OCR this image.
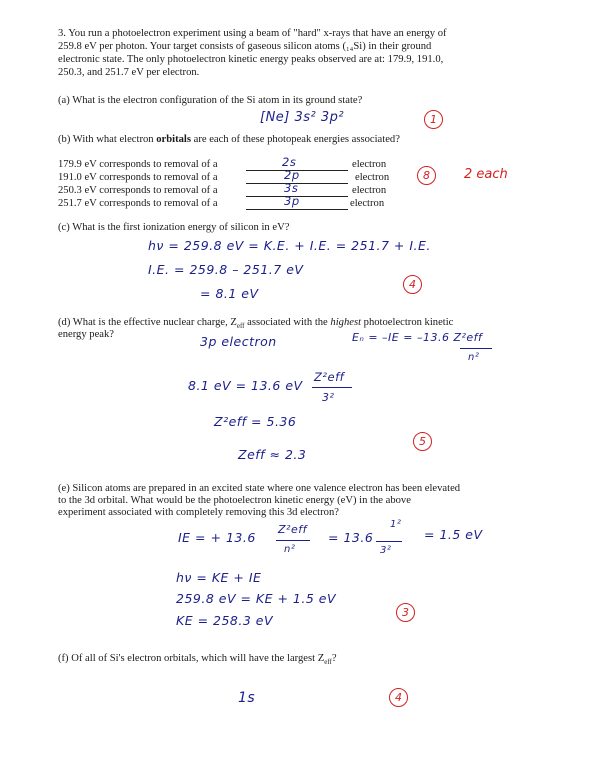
3. You run a photoelectron experiment using a beam of "hard" x-rays that have an energy of
259.8 eV per photon. Your target consists of gaseous silicon atoms (₁₄Si) in their ground
electronic state. The only photoelectron kinetic energy peaks observed are at: 179.9, 191.0,
250.3, and 251.7 eV per electron.
(a) What is the electron configuration of the Si atom in its ground state?
[Ne] 3s² 3p²	1
(b) With what electron orbitals are each of these photopeak energies associated?
179.9 eV corresponds to removal of a	2s	electron
191.0 eV corresponds to removal of a	2p	electron
250.3 eV corresponds to removal of a	3s	electron
251.7 eV corresponds to removal of a	3p	electron
8	2 each
(c) What is the first ionization energy of silicon in eV?
hν = 259.8 eV = K.E. + I.E. = 251.7 + I.E.
I.E. = 259.8 – 251.7 eV
= 8.1 eV
4
(d) What is the effective nuclear charge, $Z_{eff}$ associated with the highest photoelectron kinetic
energy peak?	3p electron	Eₙ = –IE = –13.6 Z²eff
n²
8.1 eV = 13.6 eV
Z²eff
3²
Z²eff = 5.36
Zeff ≈ 2.3
5
(e) Silicon atoms are prepared in an excited state where one valence electron has been elevated
to the 3d orbital. What would be the photoelectron kinetic energy (eV) in the above
experiment associated with completely removing this 3d electron?
IE = + 13.6
Z²eff
n²
= 13.6
1²
3²
= 1.5 eV
hν = KE + IE
259.8 eV = KE + 1.5 eV
KE = 258.3 eV
3
(f) Of all of Si's electron orbitals, which will have the largest $Z_{eff}$?
1s	4
